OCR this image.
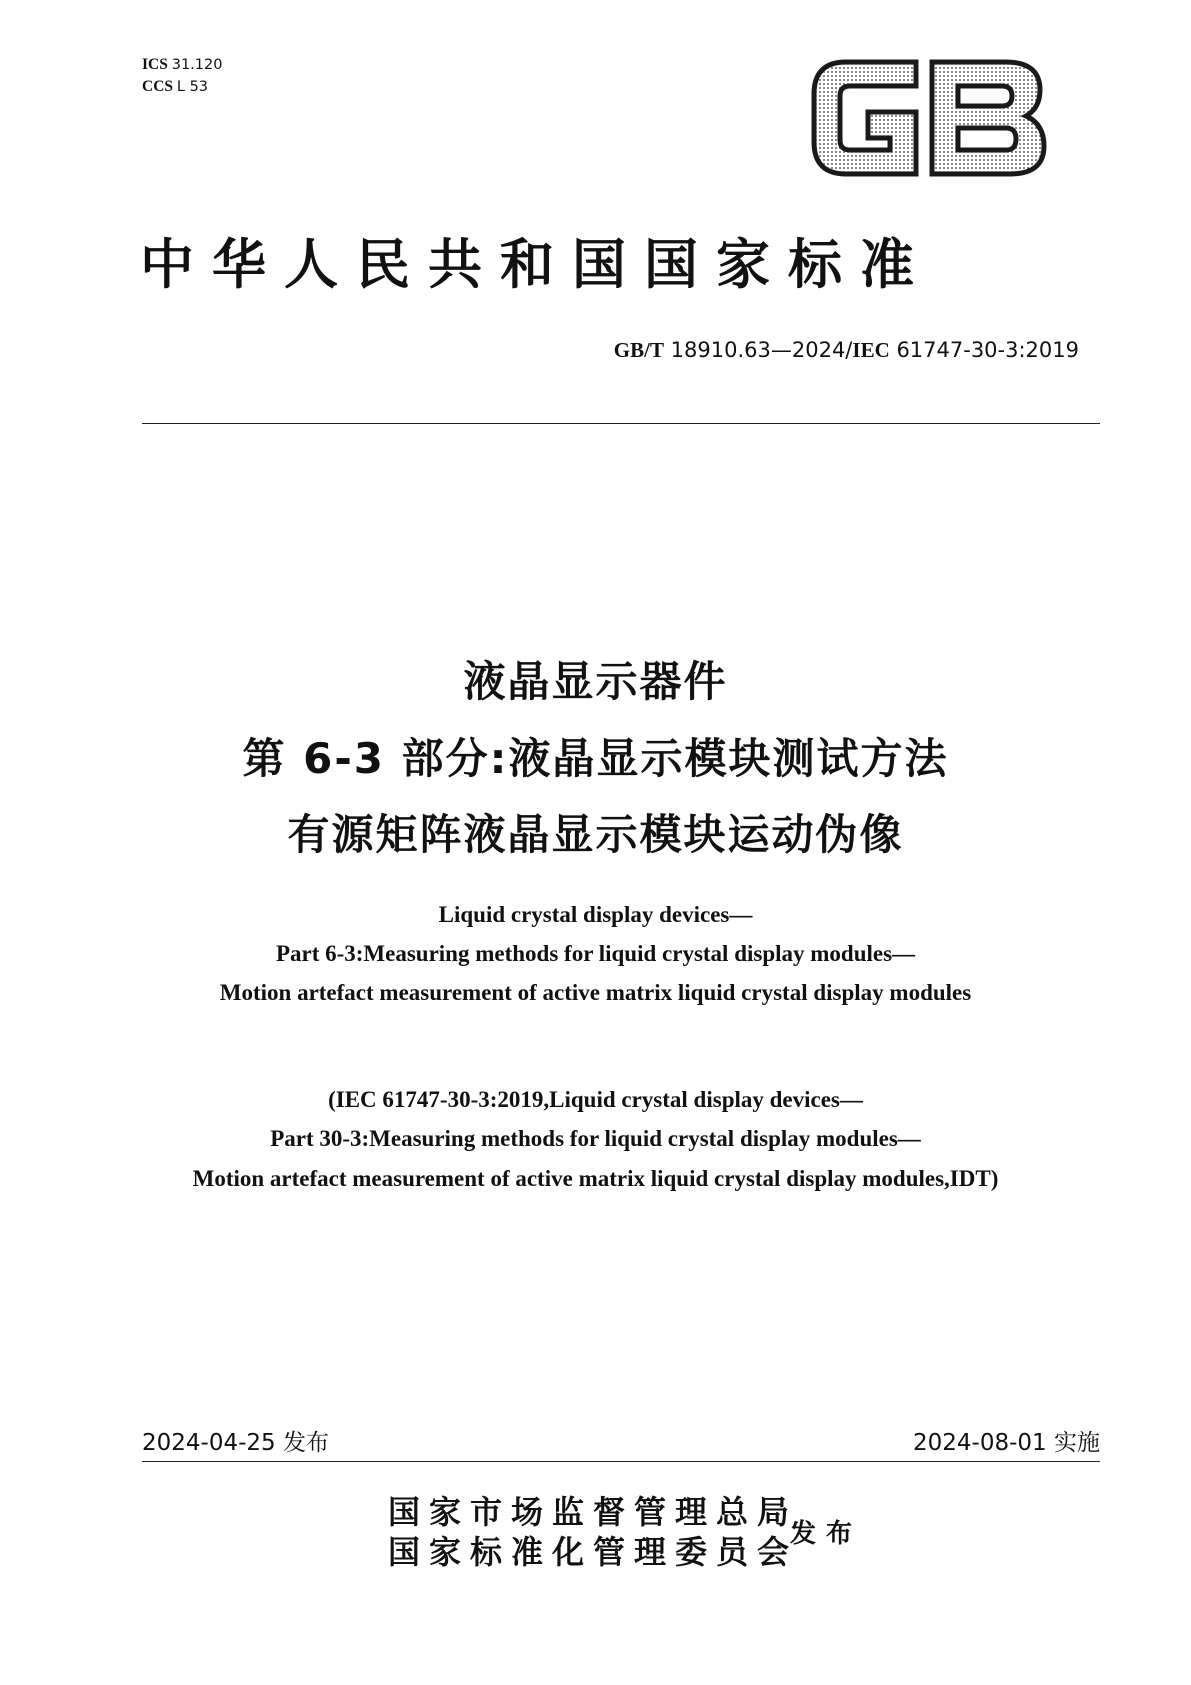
ICS 31.120
CCS L 53
GB
中华人民共和国国家标准
GB/T 18910.63—2024/IEC 61747-30-3:2019
液晶显示器件
第 6-3 部分:液晶显示模块测试方法
有源矩阵液晶显示模块运动伪像
Liquid crystal display devices—
Part 6-3:Measuring methods for liquid crystal display modules—
Motion artefact measurement of active matrix liquid crystal display modules
(IEC 61747-30-3:2019,Liquid crystal display devices—
Part 30-3:Measuring methods for liquid crystal display modules—
Motion artefact measurement of active matrix liquid crystal display modules,IDT)
2024-04-25 发布	2024-08-01 实施
国家市场监督管理总局
国家标准化管理委员会
发布
